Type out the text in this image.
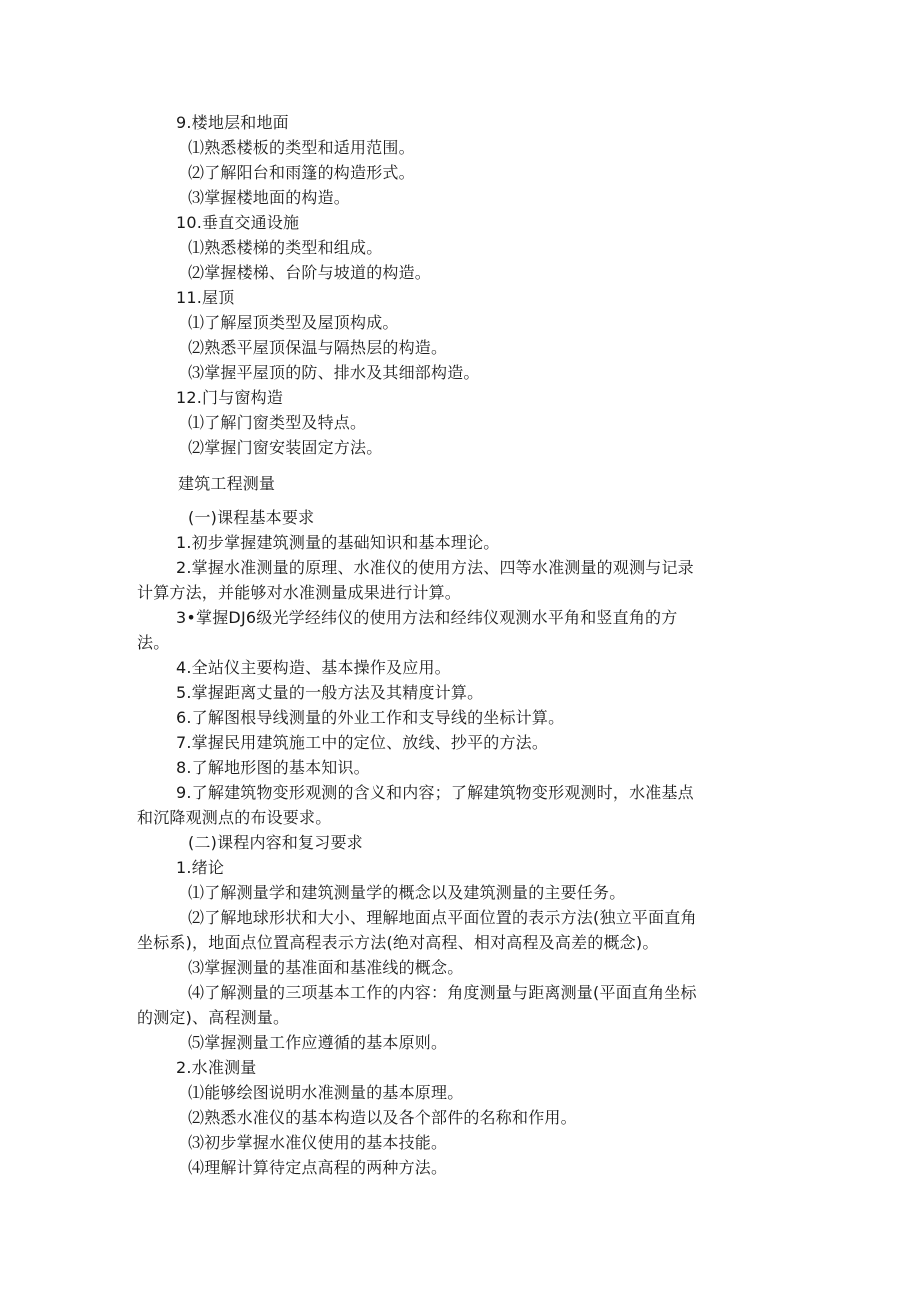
9.楼地层和地面
⑴熟悉楼板的类型和适用范围。
⑵了解阳台和雨篷的构造形式。
⑶掌握楼地面的构造。
10.垂直交通设施
⑴熟悉楼梯的类型和组成。
⑵掌握楼梯、台阶与坡道的构造。
11.屋顶
⑴了解屋顶类型及屋顶构成。
⑵熟悉平屋顶保温与隔热层的构造。
⑶掌握平屋顶的防、排水及其细部构造。
12.门与窗构造
⑴了解门窗类型及特点。
⑵掌握门窗安装固定方法。
建筑工程测量
(一)课程基本要求
1.初步掌握建筑测量的基础知识和基本理论。
2.掌握水准测量的原理、水准仪的使用方法、四等水准测量的观测与记录
计算方法，并能够对水准测量成果进行计算。
3•掌握DJ6级光学经纬仪的使用方法和经纬仪观测水平角和竖直角的方
法。
4.全站仪主要构造、基本操作及应用。
5.掌握距离丈量的一般方法及其精度计算。
6.了解图根导线测量的外业工作和支导线的坐标计算。
7.掌握民用建筑施工中的定位、放线、抄平的方法。
8.了解地形图的基本知识。
9.了解建筑物变形观测的含义和内容；了解建筑物变形观测时，水准基点
和沉降观测点的布设要求。
(二)课程内容和复习要求
1.绪论
⑴了解测量学和建筑测量学的概念以及建筑测量的主要任务。
⑵了解地球形状和大小、理解地面点平面位置的表示方法(独立平面直角
坐标系)，地面点位置高程表示方法(绝对高程、相对高程及高差的概念)。
⑶掌握测量的基准面和基准线的概念。
⑷了解测量的三项基本工作的内容：角度测量与距离测量(平面直角坐标
的测定)、高程测量。
⑸掌握测量工作应遵循的基本原则。
2.水准测量
⑴能够绘图说明水准测量的基本原理。
⑵熟悉水准仪的基本构造以及各个部件的名称和作用。
⑶初步掌握水准仪使用的基本技能。
⑷理解计算待定点高程的两种方法。
